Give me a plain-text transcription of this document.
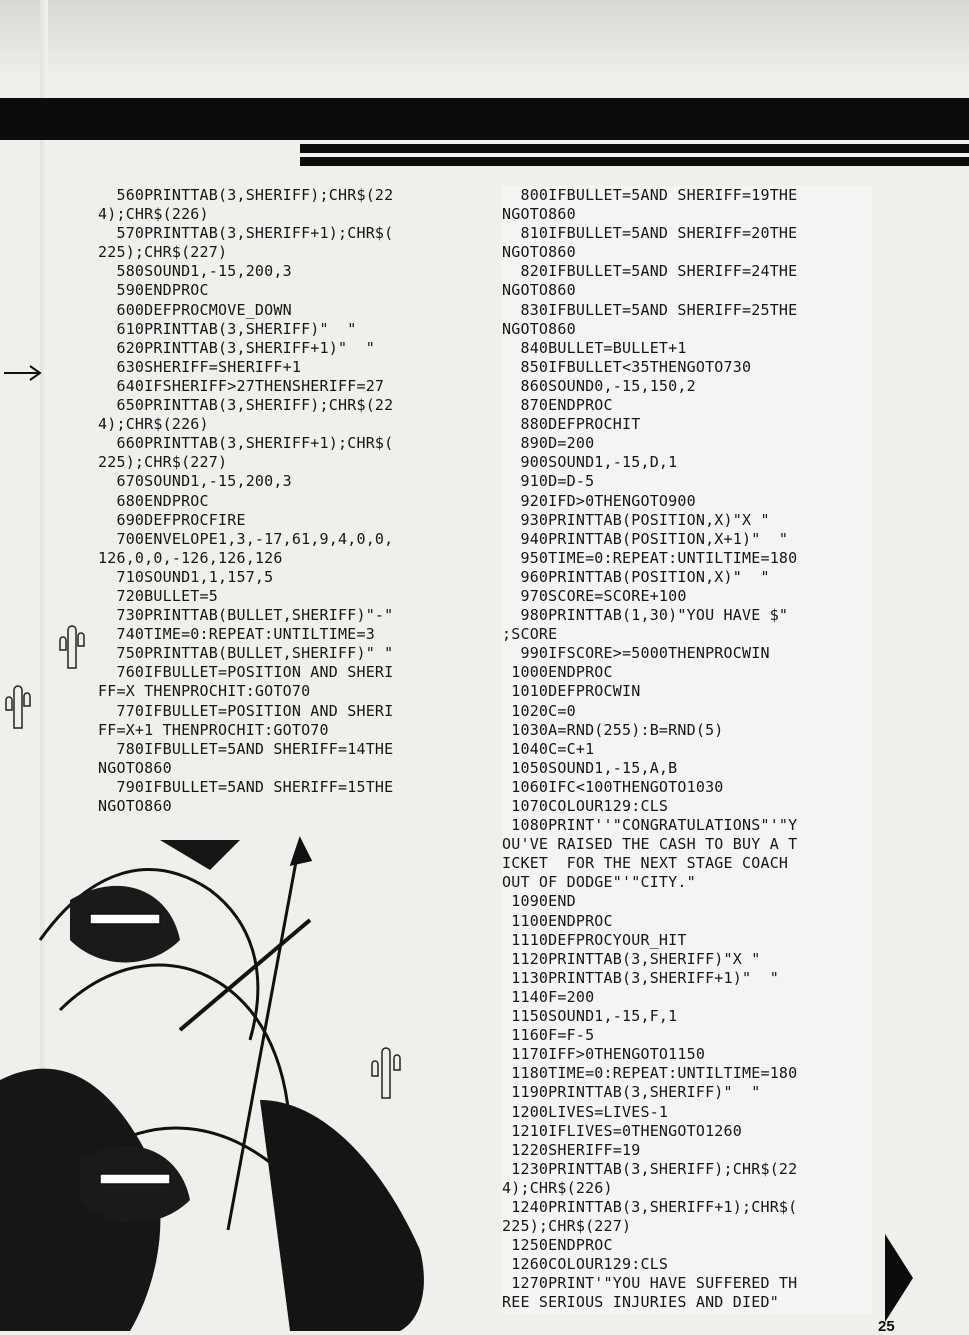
560PRINTTAB(3,SHERIFF);CHR$(22
4);CHR$(226)
570PRINTTAB(3,SHERIFF+1);CHR$(
225);CHR$(227)
580SOUND1,-15,200,3
590ENDPROC
600DEFPROCMOVE_DOWN
610PRINTTAB(3,SHERIFF)"  "
620PRINTTAB(3,SHERIFF+1)"  "
630SHERIFF=SHERIFF+1
640IFSHERIFF>27THENSHERIFF=27
650PRINTTAB(3,SHERIFF);CHR$(22
4);CHR$(226)
660PRINTTAB(3,SHERIFF+1);CHR$(
225);CHR$(227)
670SOUND1,-15,200,3
680ENDPROC
690DEFPROCFIRE
700ENVELOPE1,3,-17,61,9,4,0,0,
126,0,0,-126,126,126
710SOUND1,1,157,5
720BULLET=5
730PRINTTAB(BULLET,SHERIFF)"-"
740TIME=0:REPEAT:UNTILTIME=3
750PRINTTAB(BULLET,SHERIFF)" "
760IFBULLET=POSITION AND SHERI
FF=X THENPROCHIT:GOTO70
770IFBULLET=POSITION AND SHERI
FF=X+1 THENPROCHIT:GOTO70
780IFBULLET=5AND SHERIFF=14THE
NGOTO860
790IFBULLET=5AND SHERIFF=15THE
NGOTO860
800IFBULLET=5AND SHERIFF=19THE
NGOTO860
810IFBULLET=5AND SHERIFF=20THE
NGOTO860
820IFBULLET=5AND SHERIFF=24THE
NGOTO860
830IFBULLET=5AND SHERIFF=25THE
NGOTO860
840BULLET=BULLET+1
850IFBULLET<35THENGOTO730
860SOUND0,-15,150,2
870ENDPROC
880DEFPROCHIT
890D=200
900SOUND1,-15,D,1
910D=D-5
920IFD>0THENGOTO900
930PRINTTAB(POSITION,X)"X "
940PRINTTAB(POSITION,X+1)"  "
950TIME=0:REPEAT:UNTILTIME=180
960PRINTTAB(POSITION,X)"  "
970SCORE=SCORE+100
980PRINTTAB(1,30)"YOU HAVE $"
;SCORE
990IFSCORE>=5000THENPROCWIN
1000ENDPROC
1010DEFPROCWIN
1020C=0
1030A=RND(255):B=RND(5)
1040C=C+1
1050SOUND1,-15,A,B
1060IFC<100THENGOTO1030
1070COLOUR129:CLS
1080PRINT''"CONGRATULATIONS"'"Y
OU'VE RAISED THE CASH TO BUY A T
ICKET  FOR THE NEXT STAGE COACH
OUT OF DODGE"'"CITY."
1090END
1100ENDPROC
1110DEFPROCYOUR_HIT
1120PRINTTAB(3,SHERIFF)"X "
1130PRINTTAB(3,SHERIFF+1)"  "
1140F=200
1150SOUND1,-15,F,1
1160F=F-5
1170IFF>0THENGOTO1150
1180TIME=0:REPEAT:UNTILTIME=180
1190PRINTTAB(3,SHERIFF)"  "
1200LIVES=LIVES-1
1210IFLIVES=0THENGOTO1260
1220SHERIFF=19
1230PRINTTAB(3,SHERIFF);CHR$(22
4);CHR$(226)
1240PRINTTAB(3,SHERIFF+1);CHR$(
225);CHR$(227)
1250ENDPROC
1260COLOUR129:CLS
1270PRINT'"YOU HAVE SUFFERED TH
REE SERIOUS INJURIES AND DIED"
25
